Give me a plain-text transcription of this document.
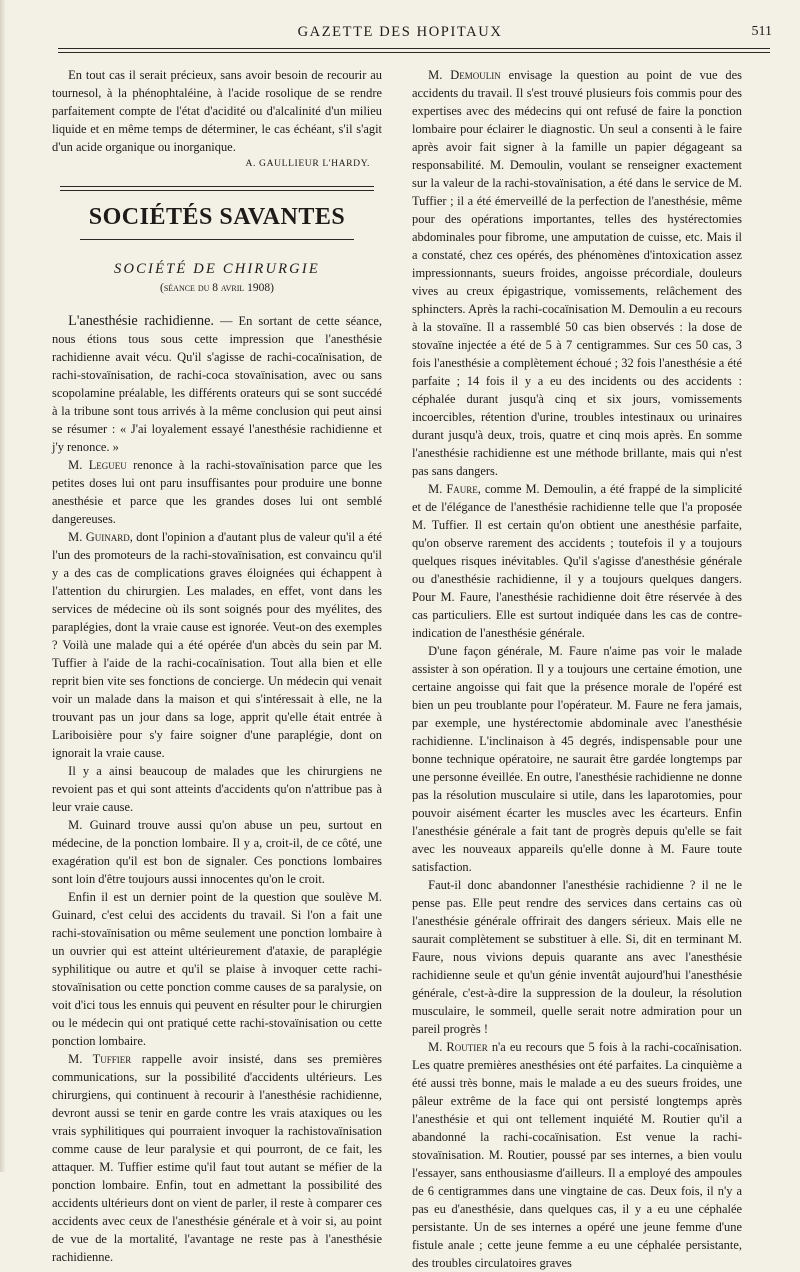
GAZETTE DES HOPITAUX	511

En tout cas il serait précieux, sans avoir besoin de recourir au tournesol, à la phénophtaléine, à l'acide rosolique de se rendre parfaitement compte de l'état d'acidité ou d'alcalinité d'un milieu liquide et en même temps de déterminer, le cas échéant, s'il s'agit d'un acide organique ou inorganique.

A. GAULLIEUR L'HARDY.

SOCIÉTÉS SAVANTES
SOCIÉTÉ DE CHIRURGIE
(séance du 8 avril 1908)

L'anesthésie rachidienne. — En sortant de cette séance, nous étions tous sous cette impression que l'anesthésie rachidienne avait vécu. Qu'il s'agisse de rachi-cocaïnisation, de rachi-stovaïnisation, de rachi-coca stovaïnisation, avec ou sans scopolamine préalable, les différents orateurs qui se sont succédé à la tribune sont tous arrivés à la même conclusion qui peut ainsi se résumer : « J'ai loyalement essayé l'anesthésie rachidienne et j'y renonce. »

M. Legueu renonce à la rachi-stovaïnisation parce que les petites doses lui ont paru insuffisantes pour produire une bonne anesthésie et parce que les grandes doses lui ont semblé dangereuses.

M. Guinard, dont l'opinion a d'autant plus de valeur qu'il a été l'un des promoteurs de la rachi-stovaïnisation, est convaincu qu'il y a des cas de complications graves éloignées qui échappent à l'attention du chirurgien. Les malades, en effet, vont dans les services de médecine où ils sont soignés pour des myélites, des paraplégies, dont la vraie cause est ignorée. Veut-on des exemples ? Voilà une malade qui a été opérée d'un abcès du sein par M. Tuffier à l'aide de la rachi-cocaïnisation. Tout alla bien et elle reprit bien vite ses fonctions de concierge. Un médecin qui venait voir un malade dans la maison et qui s'intéressait à elle, ne la trouvant pas un jour dans sa loge, apprit qu'elle était entrée à Lariboisière pour s'y faire soigner d'une paraplégie, dont on ignorait la vraie cause.

Il y a ainsi beaucoup de malades que les chirurgiens ne revoient pas et qui sont atteints d'accidents qu'on n'attribue pas à leur vraie cause.

M. Guinard trouve aussi qu'on abuse un peu, surtout en médecine, de la ponction lombaire. Il y a, croit-il, de ce côté, une exagération qu'il est bon de signaler. Ces ponctions lombaires sont loin d'être toujours aussi innocentes qu'on le croit.

Enfin il est un dernier point de la question que soulève M. Guinard, c'est celui des accidents du travail. Si l'on a fait une rachi-stovaïnisation ou même seulement une ponction lombaire à un ouvrier qui est atteint ultérieurement d'ataxie, de paraplégie syphilitique ou autre et qu'il se plaise à invoquer cette rachi-stovaïnisation ou cette ponction comme causes de sa paralysie, on voit d'ici tous les ennuis qui peuvent en résulter pour le chirurgien ou le médecin qui ont pratiqué cette rachi-stovaïnisation ou cette ponction lombaire.

M. Tuffier rappelle avoir insisté, dans ses premières communications, sur la possibilité d'accidents ultérieurs. Les chirurgiens, qui continuent à recourir à l'anesthésie rachidienne, devront aussi se tenir en garde contre les vrais ataxiques ou les vrais syphilitiques qui pourraient invoquer la rachistovaïnisation comme cause de leur paralysie et qui pourront, de ce fait, les attaquer. M. Tuffier estime qu'il faut tout autant se méfier de la ponction lombaire. Enfin, tout en admettant la possibilité des accidents ultérieurs dont on vient de parler, il reste à comparer ces accidents avec ceux de l'anesthésie générale et à voir si, au point de vue de la mortalité, l'avantage ne reste pas à l'anesthésie rachidienne.

M. Demoulin envisage la question au point de vue des accidents du travail. Il s'est trouvé plusieurs fois commis pour des expertises avec des médecins qui ont refusé de faire la ponction lombaire pour éclairer le diagnostic. Un seul a consenti à le faire après avoir fait signer à la famille un papier dégageant sa responsabilité. M. Demoulin, voulant se renseigner exactement sur la valeur de la rachi-stovaïnisation, a été dans le service de M. Tuffier ; il a été émerveillé de la perfection de l'anesthésie, même pour des opérations importantes, telles des hystérectomies abdominales pour fibrome, une amputation de cuisse, etc. Mais il a constaté, chez ces opérés, des phénomènes d'intoxication assez impressionnants, sueurs froides, angoisse précordiale, douleurs vives au creux épigastrique, vomissements, relâchement des sphincters. Après la rachi-cocaïnisation M. Demoulin a eu recours à la stovaïne. Il a rassemblé 50 cas bien observés : la dose de stovaïne injectée a été de 5 à 7 centigrammes. Sur ces 50 cas, 3 fois l'anesthésie a complètement échoué ; 32 fois l'anesthésie a été parfaite ; 14 fois il y a eu des incidents ou des accidents : céphalée durant jusqu'à cinq et six jours, vomissements incoercibles, rétention d'urine, troubles intestinaux ou urinaires durant jusqu'à deux, trois, quatre et cinq mois après. En somme l'anesthésie rachidienne est une méthode brillante, mais qui n'est pas sans dangers.

M. Faure, comme M. Demoulin, a été frappé de la simplicité et de l'élégance de l'anesthésie rachidienne telle que l'a proposée M. Tuffier. Il est certain qu'on obtient une anesthésie parfaite, qu'on observe rarement des accidents ; toutefois il y a toujours quelques risques inévitables. Qu'il s'agisse d'anesthésie générale ou d'anesthésie rachidienne, il y a toujours quelques dangers. Pour M. Faure, l'anesthésie rachidienne doit être réservée à des cas particuliers. Elle est surtout indiquée dans les cas de contre-indication de l'anesthésie générale.

D'une façon générale, M. Faure n'aime pas voir le malade assister à son opération. Il y a toujours une certaine émotion, une certaine angoisse qui fait que la présence morale de l'opéré est bien un peu troublante pour l'opérateur. M. Faure ne fera jamais, par exemple, une hystérectomie abdominale avec l'anesthésie rachidienne. L'inclinaison à 45 degrés, indispensable pour une bonne technique opératoire, ne saurait être gardée longtemps par une personne éveillée. En outre, l'anesthésie rachidienne ne donne pas la résolution musculaire si utile, dans les laparotomies, pour pouvoir aisément écarter les muscles avec les écarteurs. Enfin l'anesthésie générale a fait tant de progrès depuis qu'elle se fait avec les nouveaux appareils qu'elle donne à M. Faure toute satisfaction.

Faut-il donc abandonner l'anesthésie rachidienne ? il ne le pense pas. Elle peut rendre des services dans certains cas où l'anesthésie générale offrirait des dangers sérieux. Mais elle ne saurait complètement se substituer à elle. Si, dit en terminant M. Faure, nous vivions depuis quarante ans avec l'anesthésie rachidienne seule et qu'un génie inventât aujourd'hui l'anesthésie générale, c'est-à-dire la suppression de la douleur, la résolution musculaire, le sommeil, quelle serait notre admiration pour un pareil progrès !

M. Routier n'a eu recours que 5 fois à la rachi-cocaïnisation. Les quatre premières anesthésies ont été parfaites. La cinquième a été aussi très bonne, mais le malade a eu des sueurs froides, une pâleur extrême de la face qui ont persisté longtemps après l'anesthésie et qui ont tellement inquiété M. Routier qu'il a abandonné la rachi-cocaïnisation. Est venue la rachi-stovaïnisation. M. Routier, poussé par ses internes, a bien voulu l'essayer, sans enthousiasme d'ailleurs. Il a employé des ampoules de 6 centigrammes dans une vingtaine de cas. Deux fois, il n'y a pas eu d'anesthésie, dans quelques cas, il y a eu une céphalée persistante. Un de ses internes a opéré une jeune femme d'une fistule anale ; cette jeune femme a eu une céphalée persistante, des troubles circulatoires graves
